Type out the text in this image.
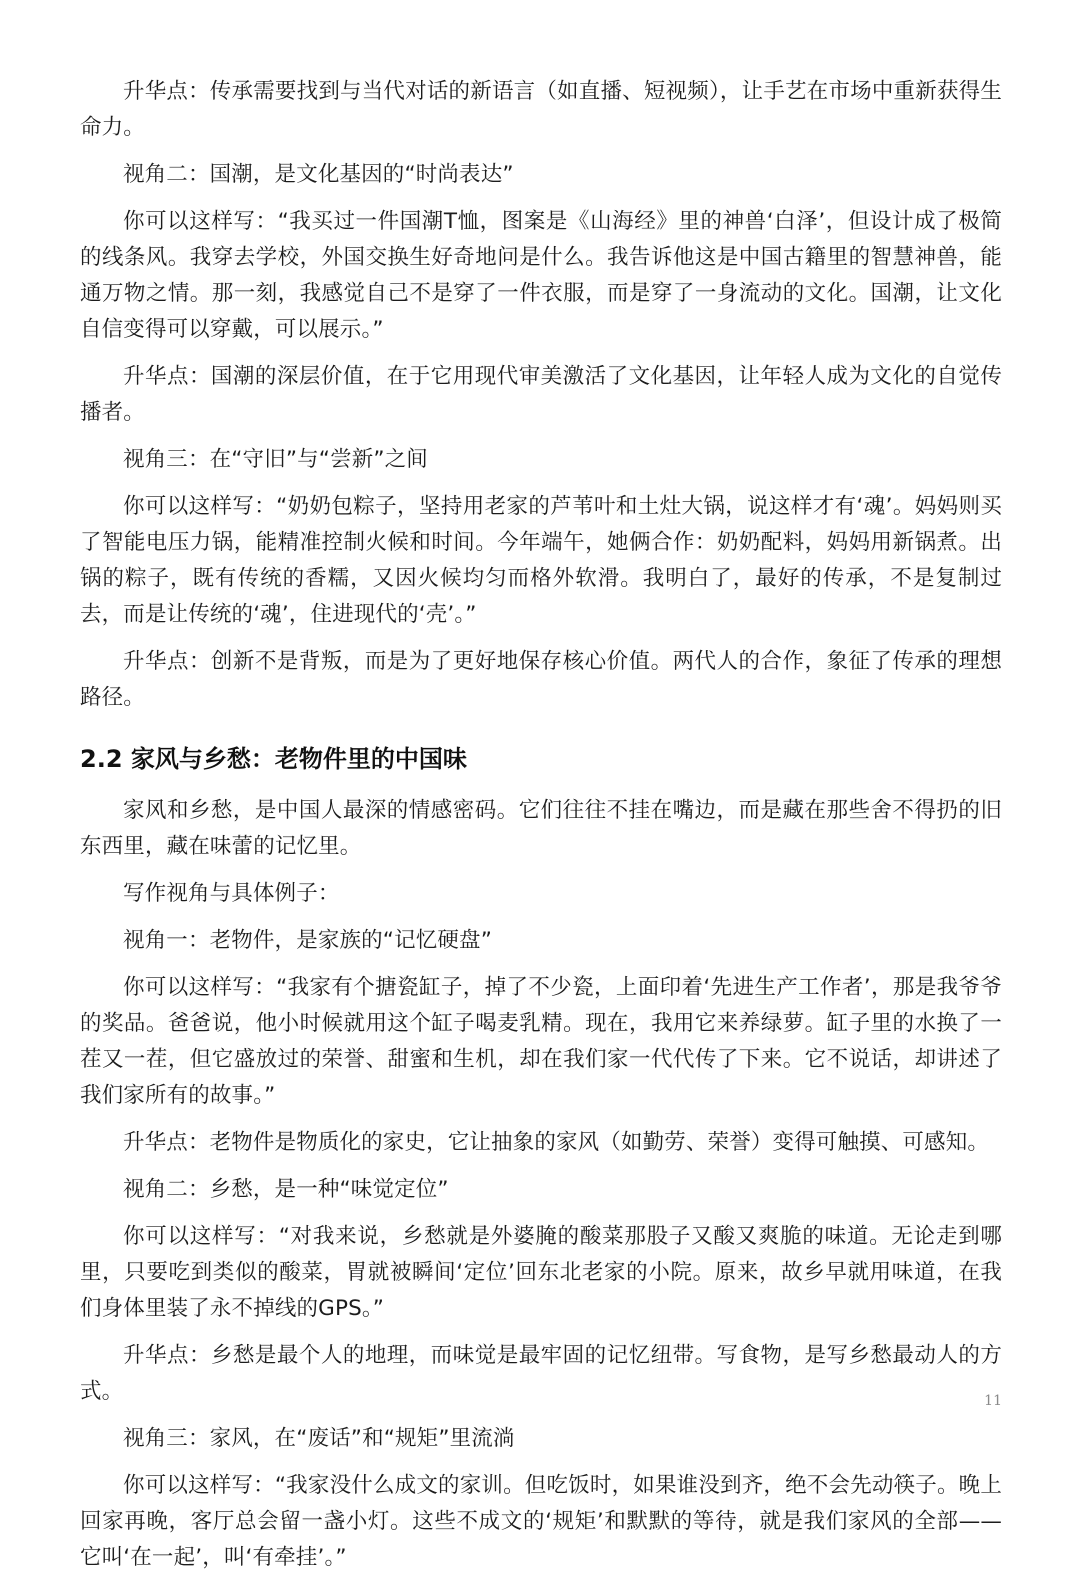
升华点：传承需要找到与当代对话的新语言（如直播、短视频），让手艺在市场中重新获得生命力。

视角二：国潮，是文化基因的“时尚表达”

你可以这样写：“我买过一件国潮T恤，图案是《山海经》里的神兽‘白泽’，但设计成了极简的线条风。我穿去学校，外国交换生好奇地问是什么。我告诉他这是中国古籍里的智慧神兽，能通万物之情。那一刻，我感觉自己不是穿了一件衣服，而是穿了一身流动的文化。国潮，让文化自信变得可以穿戴，可以展示。”

升华点：国潮的深层价值，在于它用现代审美激活了文化基因，让年轻人成为文化的自觉传播者。

视角三：在“守旧”与“尝新”之间

你可以这样写：“奶奶包粽子，坚持用老家的芦苇叶和土灶大锅，说这样才有‘魂’。妈妈则买了智能电压力锅，能精准控制火候和时间。今年端午，她俩合作：奶奶配料，妈妈用新锅煮。出锅的粽子，既有传统的香糯，又因火候均匀而格外软滑。我明白了，最好的传承，不是复制过去，而是让传统的‘魂’，住进现代的‘壳’。”

升华点：创新不是背叛，而是为了更好地保存核心价值。两代人的合作，象征了传承的理想路径。

2.2 家风与乡愁：老物件里的中国味

家风和乡愁，是中国人最深的情感密码。它们往往不挂在嘴边，而是藏在那些舍不得扔的旧东西里，藏在味蕾的记忆里。

写作视角与具体例子：

视角一：老物件，是家族的“记忆硬盘”

你可以这样写：“我家有个搪瓷缸子，掉了不少瓷，上面印着‘先进生产工作者’，那是我爷爷的奖品。爸爸说，他小时候就用这个缸子喝麦乳精。现在，我用它来养绿萝。缸子里的水换了一茬又一茬，但它盛放过的荣誉、甜蜜和生机，却在我们家一代代传了下来。它不说话，却讲述了我们家所有的故事。”

升华点：老物件是物质化的家史，它让抽象的家风（如勤劳、荣誉）变得可触摸、可感知。

视角二：乡愁，是一种“味觉定位”

你可以这样写：“对我来说，乡愁就是外婆腌的酸菜那股子又酸又爽脆的味道。无论走到哪里，只要吃到类似的酸菜，胃就被瞬间‘定位’回东北老家的小院。原来，故乡早就用味道，在我们身体里装了永不掉线的GPS。”

升华点：乡愁是最个人的地理，而味觉是最牢固的记忆纽带。写食物，是写乡愁最动人的方式。

视角三：家风，在“废话”和“规矩”里流淌

你可以这样写：“我家没什么成文的家训。但吃饭时，如果谁没到齐，绝不会先动筷子。晚上回家再晚，客厅总会留一盏小灯。这些不成文的‘规矩’和默默的等待，就是我们家风的全部——它叫‘在一起’，叫‘有牵挂’。”

11
